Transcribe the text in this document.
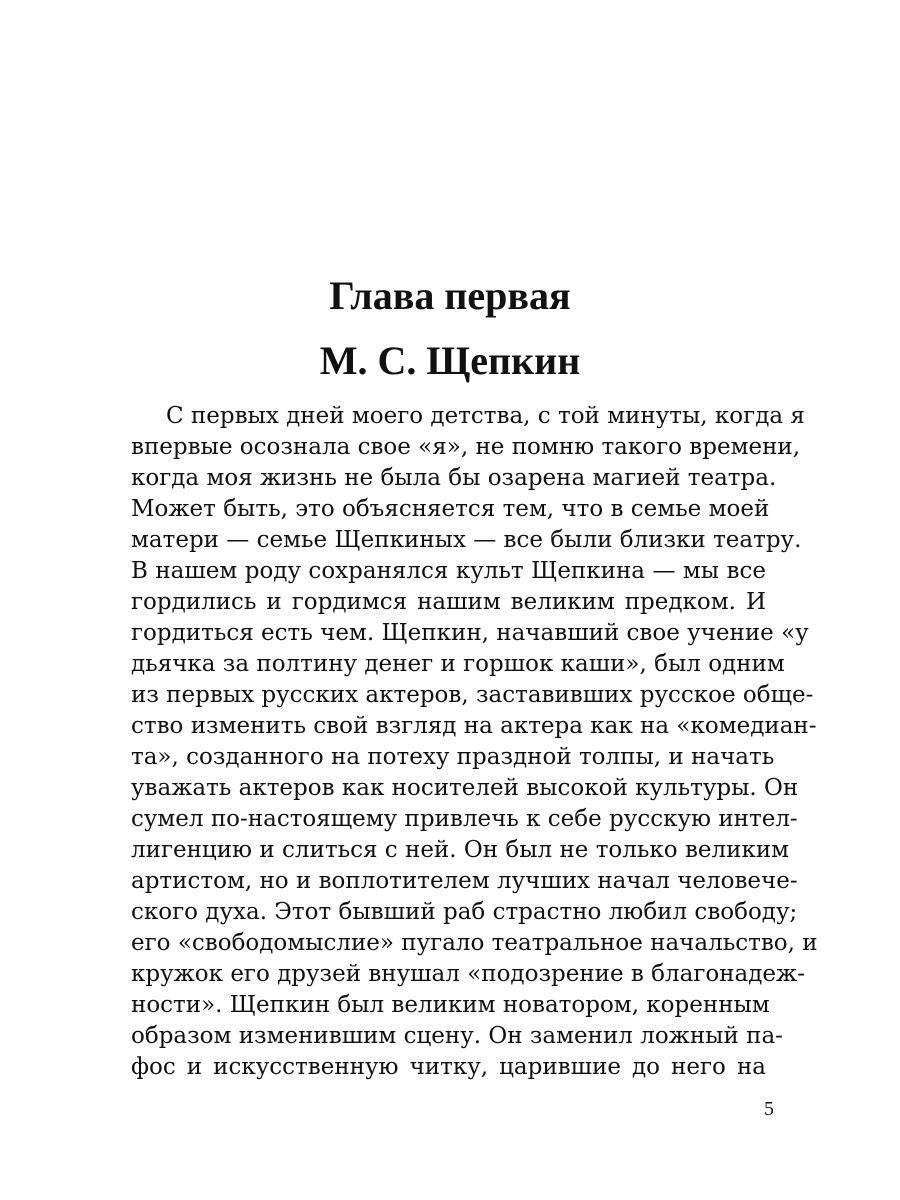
Глава первая
М. С. Щепкин
С первых дней моего детства, с той минуты, когда я
впервые осознала свое «я», не помню такого времени,
когда моя жизнь не была бы озарена магией театра.
Может быть, это объясняется тем, что в семье моей
матери — семье Щепкиных — все были близки театру.
В нашем роду сохранялся культ Щепкина — мы все
гордились и гордимся нашим великим предком. И
гордиться есть чем. Щепкин, начавший свое учение «у
дьячка за полтину денег и горшок каши», был одним
из первых русских актеров, заставивших русское обще-
ство изменить свой взгляд на актера как на «комедиан-
та», созданного на потеху праздной толпы, и начать
уважать актеров как носителей высокой культуры. Он
сумел по-настоящему привлечь к себе русскую интел-
лигенцию и слиться с ней. Он был не только великим
артистом, но и воплотителем лучших начал человече-
ского духа. Этот бывший раб страстно любил свободу;
его «свободомыслие» пугало театральное начальство, и
кружок его друзей внушал «подозрение в благонадеж-
ности». Щепкин был великим новатором, коренным
образом изменившим сцену. Он заменил ложный па-
фос и искусственную читку, царившие до него на
5
